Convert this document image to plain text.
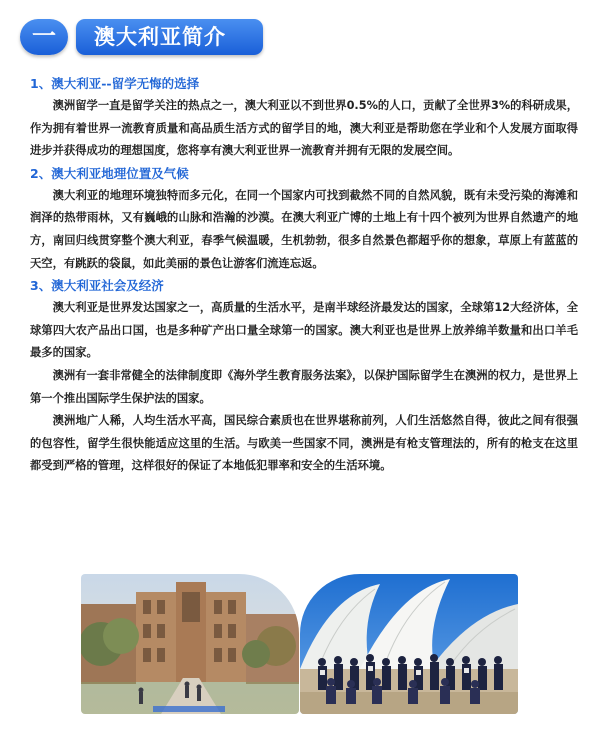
一	澳大利亚简介
1、澳大利亚--留学无悔的选择

澳洲留学一直是留学关注的热点之一，澳大利亚以不到世界0.5%的人口，贡献了全世界3%的科研成果，作为拥有着世界一流教育质量和高品质生活方式的留学目的地，澳大利亚是帮助您在学业和个人发展方面取得进步并获得成功的理想国度，您将享有澳大利亚世界一流教育并拥有无限的发展空间。

2、澳大利亚地理位置及气候

澳大利亚的地理环境独特而多元化，在同一个国家内可找到截然不同的自然风貌，既有未受污染的海滩和润泽的热带雨林，又有巍峨的山脉和浩瀚的沙漠。在澳大利亚广博的土地上有十四个被列为世界自然遗产的地方，南回归线贯穿整个澳大利亚，春季气候温暖，生机勃勃，很多自然景色都超乎你的想象，草原上有蓝蓝的天空，有跳跃的袋鼠，如此美丽的景色让游客们流连忘返。

3、澳大利亚社会及经济

澳大利亚是世界发达国家之一，高质量的生活水平，是南半球经济最发达的国家，全球第12大经济体，全球第四大农产品出口国，也是多种矿产出口量全球第一的国家。澳大利亚也是世界上放养绵羊数量和出口羊毛最多的国家。

澳洲有一套非常健全的法律制度即《海外学生教育服务法案》，以保护国际留学生在澳洲的权力，是世界上第一个推出国际学生保护法的国家。

澳洲地广人稀，人均生活水平高，国民综合素质也在世界堪称前列，人们生活悠然自得，彼此之间有很强的包容性，留学生很快能适应这里的生活。与欧美一些国家不同，澳洲是有枪支管理法的，所有的枪支在这里都受到严格的管理，这样很好的保证了本地低犯罪率和安全的生活环境。
